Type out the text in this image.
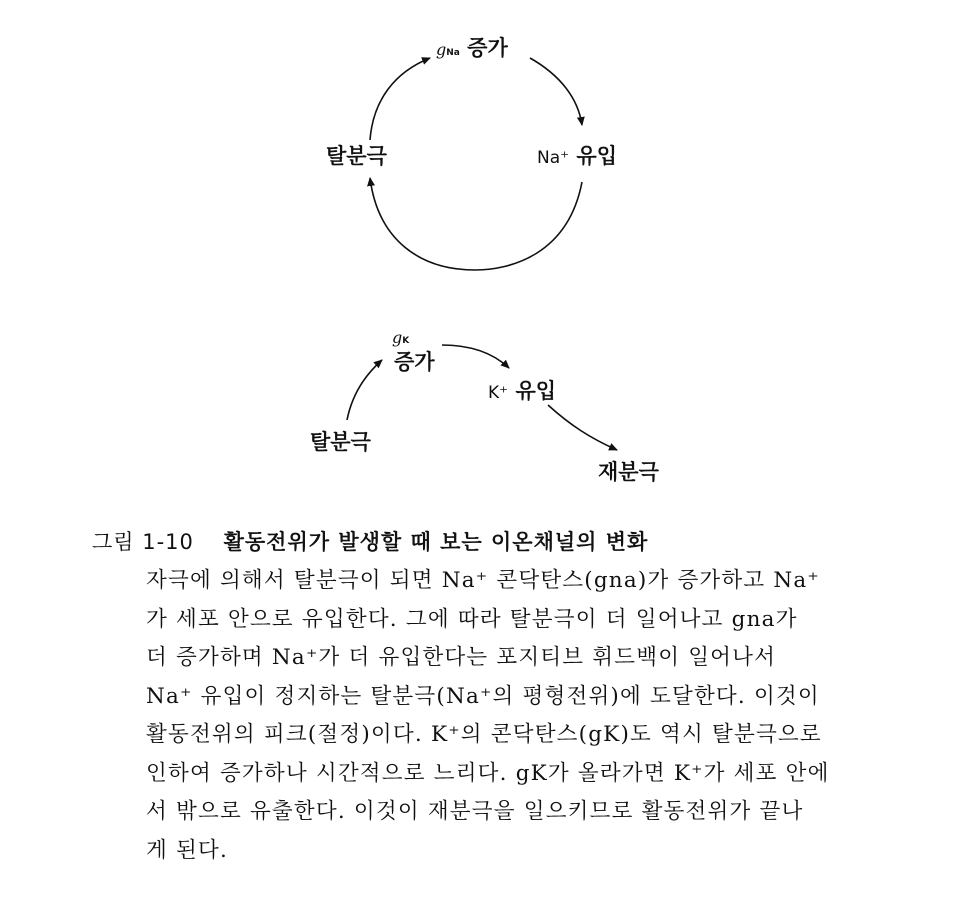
gNa 증가
Na⁺ 유입
탈분극
gK
증가
K⁺ 유입
탈분극
재분극
그림 1-10 활동전위가 발생할 때 보는 이온채널의 변화
자극에 의해서 탈분극이 되면 Na⁺ 콘닥탄스(gna)가 증가하고 Na⁺
가 세포 안으로 유입한다. 그에 따라 탈분극이 더 일어나고 gna가
더 증가하며 Na⁺가 더 유입한다는 포지티브 휘드백이 일어나서
Na⁺ 유입이 정지하는 탈분극(Na⁺의 평형전위)에 도달한다. 이것이
활동전위의 피크(절정)이다. K⁺의 콘닥탄스(gK)도 역시 탈분극으로
인하여 증가하나 시간적으로 느리다. gK가 올라가면 K⁺가 세포 안에
서 밖으로 유출한다. 이것이 재분극을 일으키므로 활동전위가 끝나
게 된다.
